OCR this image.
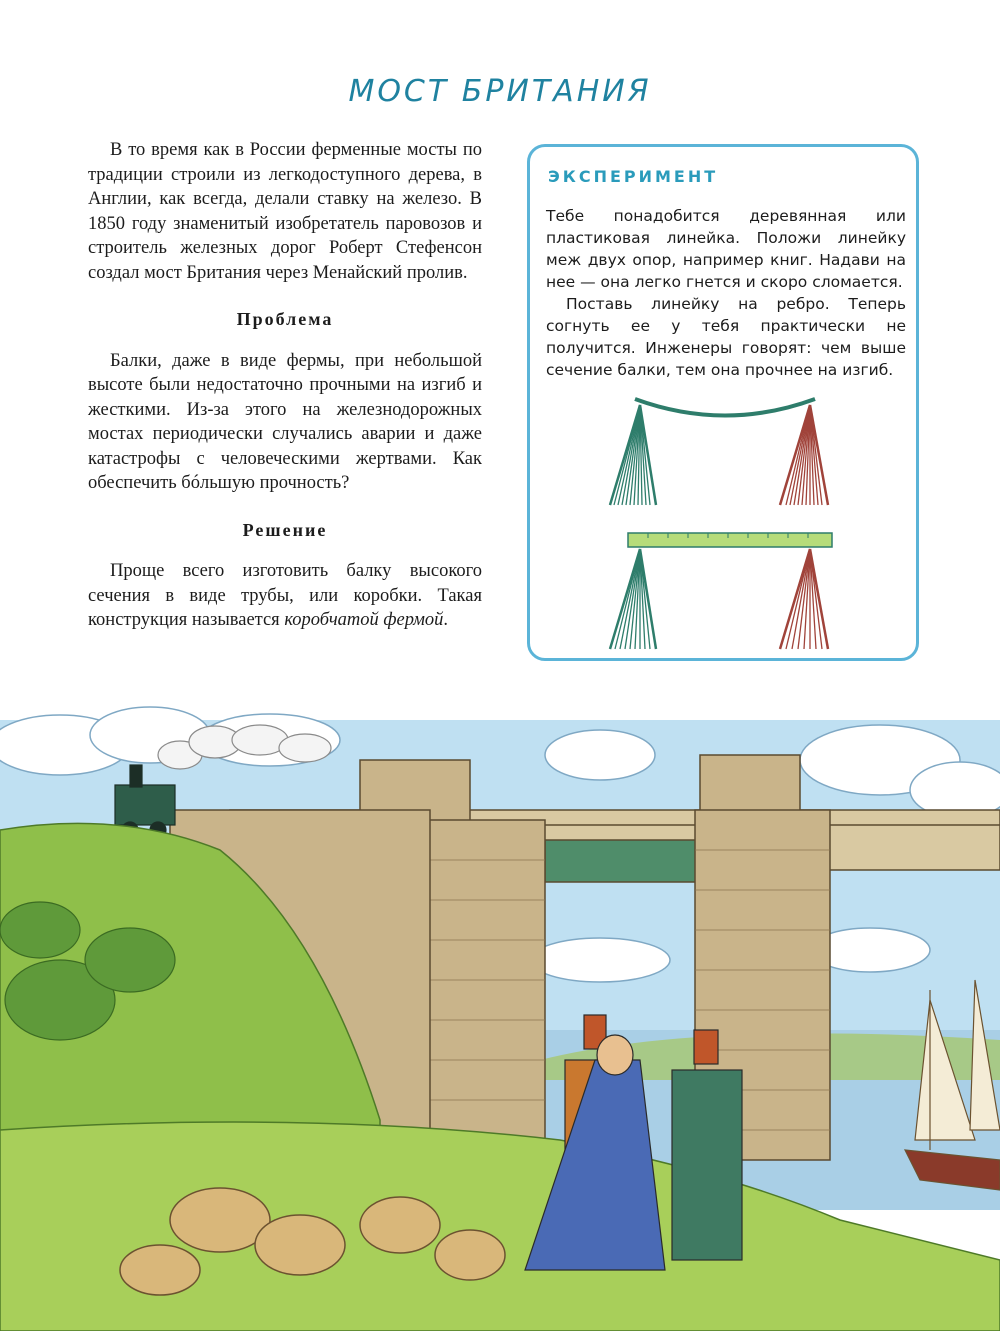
МОСТ БРИТАНИЯ

В то время как в России ферменные мосты по традиции строили из легкодоступного дерева, в Англии, как всегда, делали ставку на железо. В 1850 году знаменитый изобретатель паровозов и строитель железных дорог Роберт Стефенсон создал мост Британия через Менайский пролив.

Проблема

Балки, даже в виде фермы, при небольшой высоте были недостаточно прочными на изгиб и жесткими. Из-за этого на железнодорожных мостах периодически случались аварии и даже катастрофы с человеческими жертвами. Как обеспечить бóльшую прочность?

Решение

Проще всего изготовить балку высокого сечения в виде трубы, или коробки. Такая конструкция называется коробчатой фермой.

ЭКСПЕРИМЕНТ

Тебе понадобится деревянная или пластиковая линейка. Положи линейку меж двух опор, например книг. Надави на нее — она легко гнется и скоро сломается.

Поставь линейку на ребро. Теперь согнуть ее у тебя практически не получится. Инженеры говорят: чем выше сечение балки, тем она прочнее на изгиб.
